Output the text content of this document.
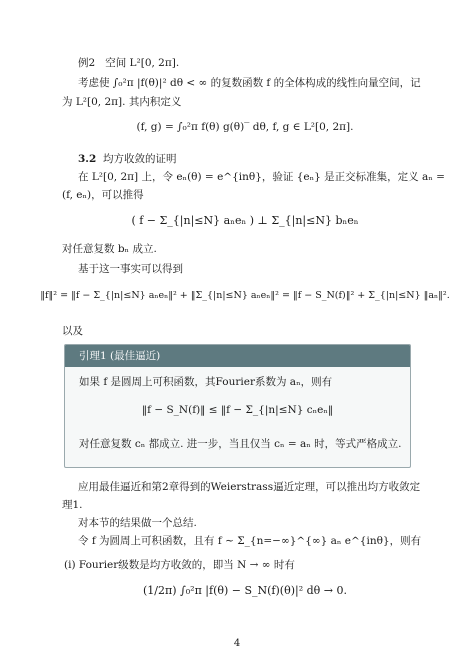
例2 空间 L²[0, 2π].
考虑使 ∫₀²π |f(θ)|² dθ < ∞ 的复数函数 f 的全体构成的线性向量空间，记
为 L²[0, 2π]. 其内积定义
(f, g) = ∫₀²π f(θ) g(θ)‾ dθ, f, g ∈ L²[0, 2π].
3.2 均方收敛的证明
在 L²[0, 2π] 上，令 eₙ(θ) = e^{inθ}，验证 {eₙ} 是正交标准集，定义 aₙ =
(f, eₙ)，可以推得
( f − Σ_{|n|≤N} aₙeₙ ) ⊥ Σ_{|n|≤N} bₙeₙ
对任意复数 bₙ 成立.
基于这一事实可以得到
‖f‖² = ‖f − Σ_{|n|≤N} aₙeₙ‖² + ‖Σ_{|n|≤N} aₙeₙ‖² = ‖f − S_N(f)‖² + Σ_{|n|≤N} ‖aₙ‖².
以及
引理1 (最佳逼近)
如果 f 是圆周上可积函数，其Fourier系数为 aₙ，则有
‖f − S_N(f)‖ ≤ ‖f − Σ_{|n|≤N} cₙeₙ‖
对任意复数 cₙ 都成立. 进一步，当且仅当 cₙ = aₙ 时，等式严格成立.
应用最佳逼近和第2章得到的Weierstrass逼近定理，可以推出均方收敛定
理1.
对本节的结果做一个总结.
令 f 为圆周上可积函数，且有 f ∼ Σ_{n=−∞}^{∞} aₙ e^{inθ}，则有
(i) Fourier级数是均方收敛的，即当 N → ∞ 时有
(1/2π) ∫₀²π |f(θ) − S_N(f)(θ)|² dθ → 0.
4
